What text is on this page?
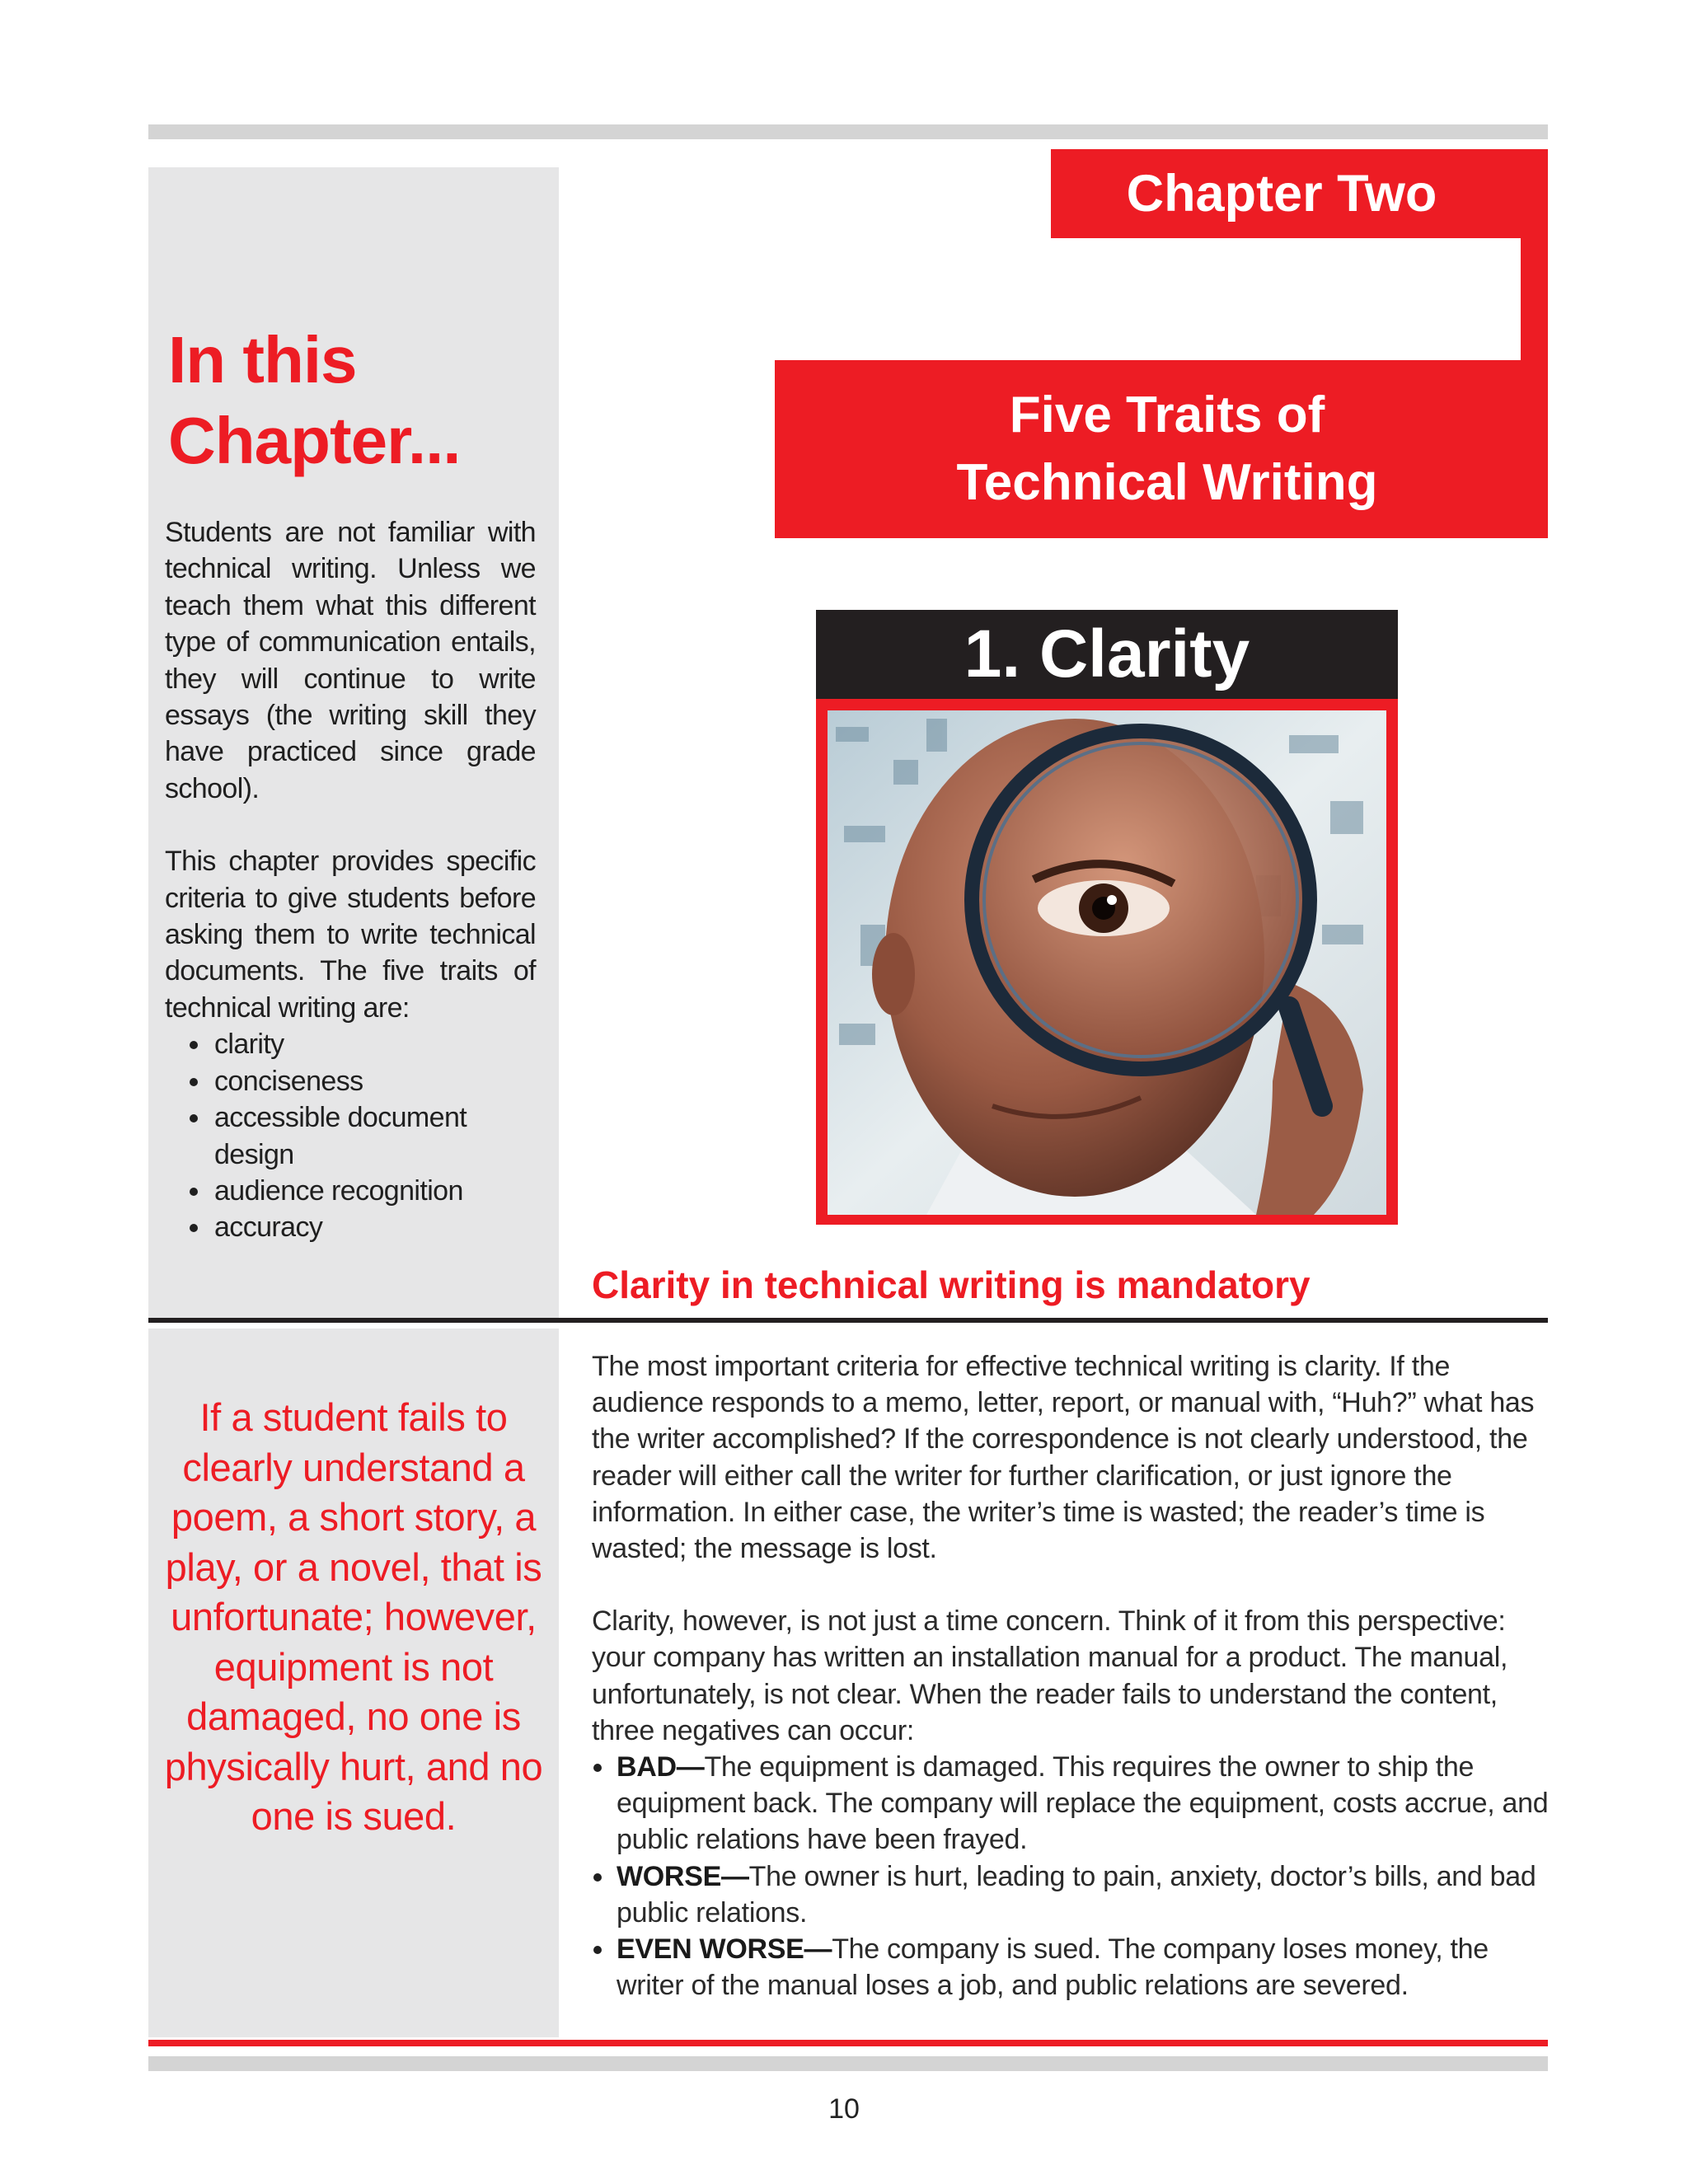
In this
Chapter...

Students are not familiar with technical writing. Unless we teach them what this different type of communication entails, they will continue to write essays (the writing skill they have practiced since grade school).

This chapter provides specific criteria to give students before asking them to write technical documents. The five traits of technical writing are:

clarity
conciseness
accessible document design
audience recognition
accuracy
Chapter Two
Five Traits of
Technical Writing
1. Clarity
Clarity in technical writing is mandatory

If a student fails to clearly understand a poem, a short story, a play, or a novel, that is unfortunate; however, equipment is not damaged, no one is physically hurt, and no one is sued.

The most important criteria for effective technical writing is clarity. If the audience responds to a memo, letter, report, or manual with, “Huh?” what has the writer accomplished? If the correspondence is not clearly understood, the reader will either call the writer for further clarification, or just ignore the information. In either case, the writer’s time is wasted; the reader’s time is wasted; the message is lost.

Clarity, however, is not just a time concern. Think of it from this perspective: your company has written an installation manual for a product. The manual, unfortunately, is not clear. When the reader fails to understand the content, three negatives can occur:

BAD—The equipment is damaged. This requires the owner to ship the equipment back. The company will replace the equipment, costs accrue, and public relations have been frayed.
WORSE—The owner is hurt, leading to pain, anxiety, doctor’s bills, and bad public relations.
EVEN WORSE—The company is sued. The company loses money, the writer of the manual loses a job, and public relations are severed.
10
